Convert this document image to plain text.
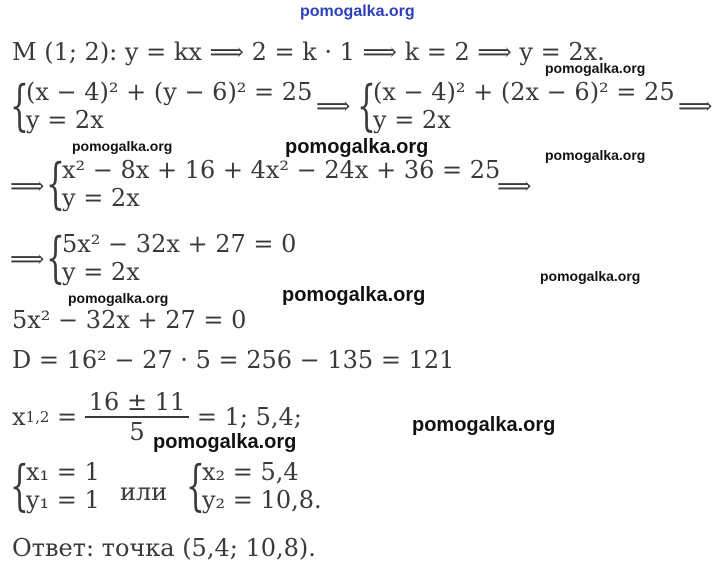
pomogalka.org
pomogalka.org
pomogalka.org	pomogalka.org	pomogalka.org
pomogalka.org
pomogalka.org	pomogalka.org
pomogalka.org
pomogalka.org
M (1; 2): y = kx ⟹ 2 = k · 1 ⟹ k = 2 ⟹ y = 2x.
{
(x − 4)² + (y − 6)² = 25
y = 2x	⟹ {
(x − 4)² + (2x − 6)² = 25
y = 2x	⟹
⟹ {
x² − 8x + 16 + 4x² − 24x + 36 = 25
y = 2x	⟹
⟹ {
5x² − 32x + 27 = 0
y = 2x
5x² − 32x + 27 = 0
D = 16² − 27 · 5 = 256 − 135 = 121
x $1,2 = \frac{16 \pm 11}{5} = 1$; 5,4;
{
x₁ = 1
y₁ = 1 или {
x₂ = 5,4
y₂ = 10,8.
Ответ: точка (5,4; 10,8).
